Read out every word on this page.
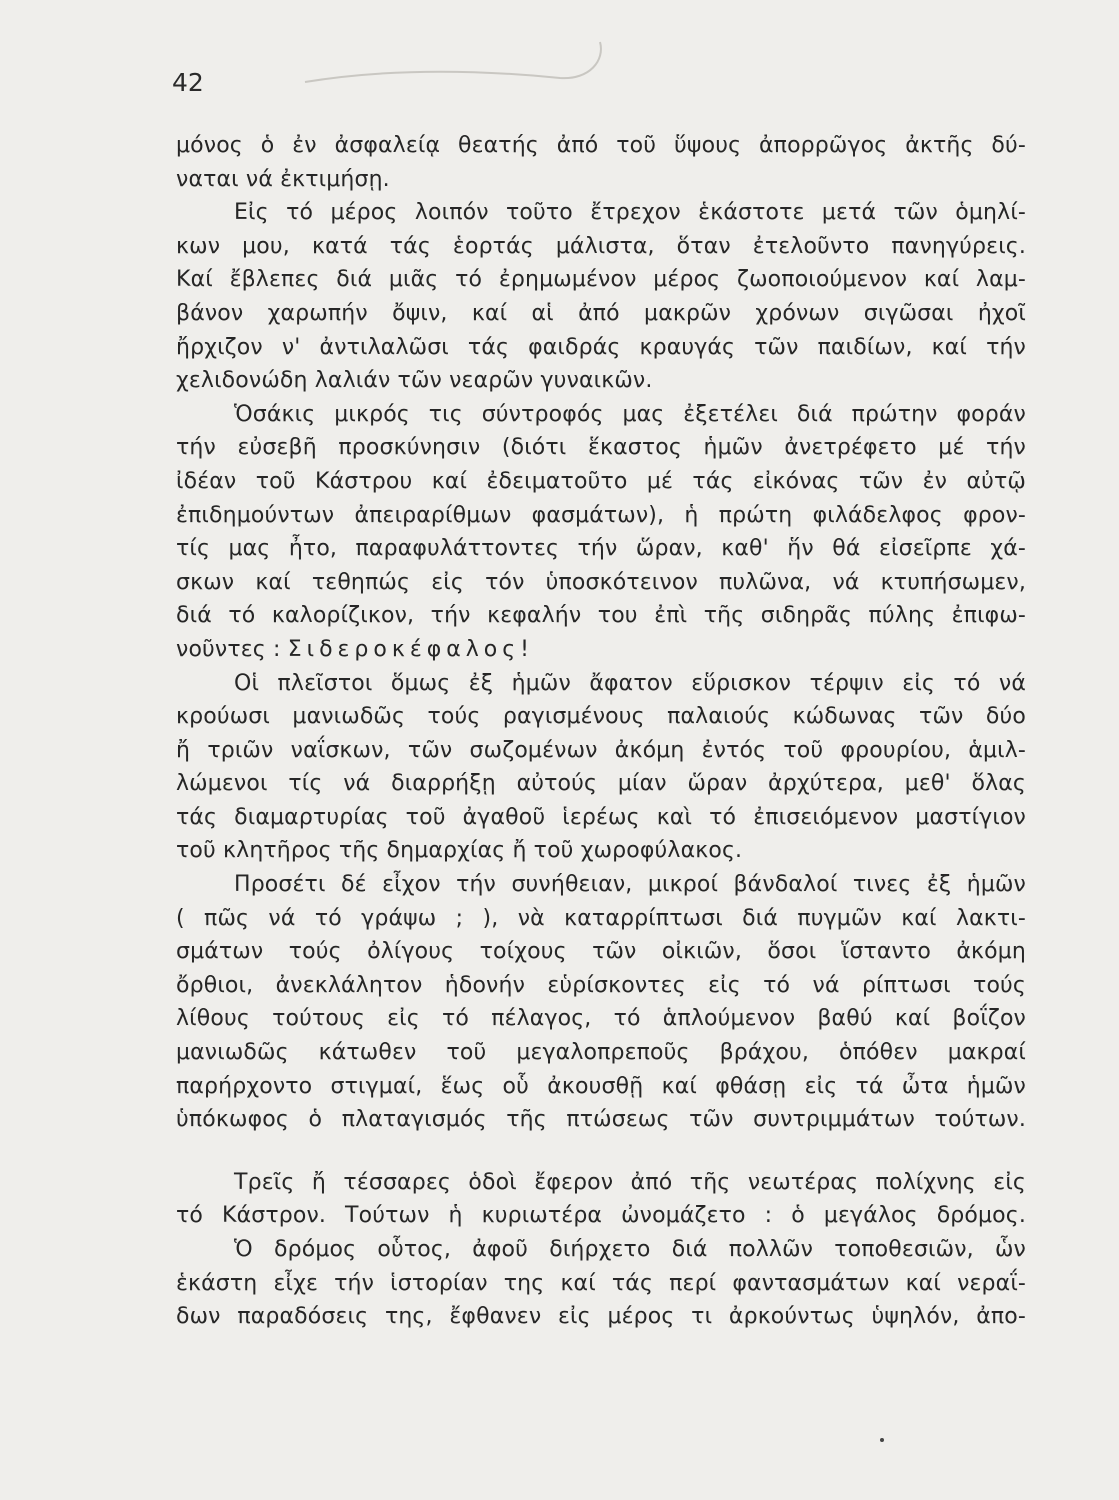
42
μόνος ὁ ἐν ἀσφαλείᾳ θεατής ἀπό τοῦ ὕψους ἀπορρῶγος ἀκτῆς δύ-
ναται νά ἐκτιμήσῃ.
Εἰς τό μέρος λοιπόν τοῦτο ἔτρεχον ἑκάστοτε μετά τῶν ὁμηλί-
κων μου, κατά τάς ἑορτάς μάλιστα, ὅταν ἐτελοῦντο πανηγύρεις.
Καί ἔβλεπες διά μιᾶς τό ἐρημωμένον μέρος ζωοποιούμενον καί λαμ-
βάνον χαρωπήν ὄψιν, καί αἱ ἀπό μακρῶν χρόνων σιγῶσαι ἠχοῖ
ἤρχιζον ν' ἀντιλαλῶσι τάς φαιδράς κραυγάς τῶν παιδίων, καί τήν
χελιδονώδη λαλιάν τῶν νεαρῶν γυναικῶν.
Ὁσάκις μικρός τις σύντροφός μας ἐξετέλει διά πρώτην φοράν
τήν εὐσεβῆ προσκύνησιν (διότι ἕκαστος ἡμῶν ἀνετρέφετο μέ τήν
ἰδέαν τοῦ Κάστρου καί ἐδειματοῦτο μέ τάς εἰκόνας τῶν ἐν αὐτῷ
ἐπιδημούντων ἀπειραρίθμων φασμάτων), ἡ πρώτη φιλάδελφος φρον-
τίς μας ἦτο, παραφυλάττοντες τήν ὥραν, καθ' ἥν θά εἰσεῖρπε χά-
σκων καί τεθηπώς εἰς τόν ὑποσκότεινον πυλῶνα, νά κτυπήσωμεν,
διά τό καλορίζικον, τήν κεφαλήν του ἐπὶ τῆς σιδηρᾶς πύλης ἐπιφω-
νοῦντες : Σιδεροκέφαλος!
Οἱ πλεῖστοι ὅμως ἐξ ἡμῶν ἄφατον εὕρισκον τέρψιν εἰς τό νά
κρούωσι μανιωδῶς τούς ραγισμένους παλαιούς κώδωνας τῶν δύο
ἤ τριῶν ναΐσκων, τῶν σωζομένων ἀκόμη ἐντός τοῦ φρουρίου, ἁμιλ-
λώμενοι τίς νά διαρρήξῃ αὐτούς μίαν ὥραν ἀρχύτερα, μεθ' ὅλας
τάς διαμαρτυρίας τοῦ ἀγαθοῦ ἱερέως καὶ τό ἐπισειόμενον μαστίγιον
τοῦ κλητῆρος τῆς δημαρχίας ἤ τοῦ χωροφύλακος.
Προσέτι δέ εἶχον τήν συνήθειαν, μικροί βάνδαλοί τινες ἐξ ἡμῶν
( πῶς νά τό γράψω ; ), νὰ καταρρίπτωσι διά πυγμῶν καί λακτι-
σμάτων τούς ὀλίγους τοίχους τῶν οἰκιῶν, ὅσοι ἵσταντο ἀκόμη
ὄρθιοι, ἀνεκλάλητον ἡδονήν εὑρίσκοντες εἰς τό νά ρίπτωσι τούς
λίθους τούτους εἰς τό πέλαγος, τό ἁπλούμενον βαθύ καί βοΐζον
μανιωδῶς κάτωθεν τοῦ μεγαλοπρεποῦς βράχου, ὁπόθεν μακραί
παρήρχοντο στιγμαί, ἕως οὗ ἀκουσθῇ καί φθάσῃ εἰς τά ὦτα ἡμῶν
ὑπόκωφος ὁ πλαταγισμός τῆς πτώσεως τῶν συντριμμάτων τούτων.
Τρεῖς ἤ τέσσαρες ὁδοὶ ἔφερον ἀπό τῆς νεωτέρας πολίχνης εἰς
τό Κάστρον. Τούτων ἡ κυριωτέρα ὠνομάζετο : ὁ μεγάλος δρόμος.
Ὁ δρόμος οὗτος, ἀφοῦ διήρχετο διά πολλῶν τοποθεσιῶν, ὧν
ἑκάστη εἶχε τήν ἱστορίαν της καί τάς περί φαντασμάτων καί νεραΐ-
δων παραδόσεις της, ἔφθανεν εἰς μέρος τι ἀρκούντως ὑψηλόν, ἀπο-
